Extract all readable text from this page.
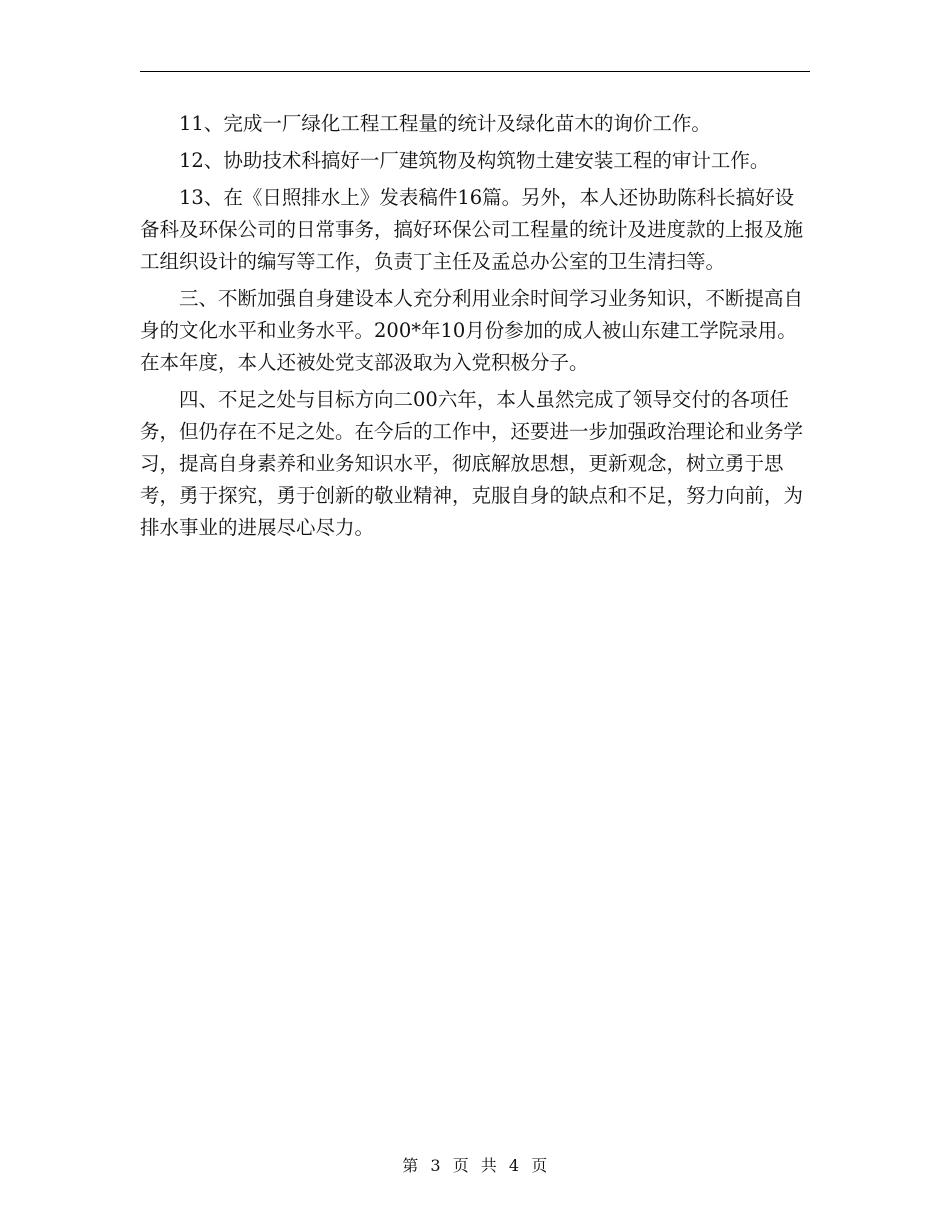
11、完成一厂绿化工程工程量的统计及绿化苗木的询价工作。

12、协助技术科搞好一厂建筑物及构筑物土建安装工程的审计工作。

13、在《日照排水上》发表稿件16篇。另外，本人还协助陈科长搞好设备科及环保公司的日常事务，搞好环保公司工程量的统计及进度款的上报及施工组织设计的编写等工作，负责丁主任及孟总办公室的卫生清扫等。

三、不断加强自身建设本人充分利用业余时间学习业务知识，不断提高自身的文化水平和业务水平。200*年10月份参加的成人被山东建工学院录用。在本年度，本人还被处党支部汲取为入党积极分子。

四、不足之处与目标方向二00六年，本人虽然完成了领导交付的各项任务，但仍存在不足之处。在今后的工作中，还要进一步加强政治理论和业务学习，提高自身素养和业务知识水平，彻底解放思想，更新观念，树立勇于思考，勇于探究，勇于创新的敬业精神，克服自身的缺点和不足，努力向前，为排水事业的进展尽心尽力。

第 3 页 共 4 页
